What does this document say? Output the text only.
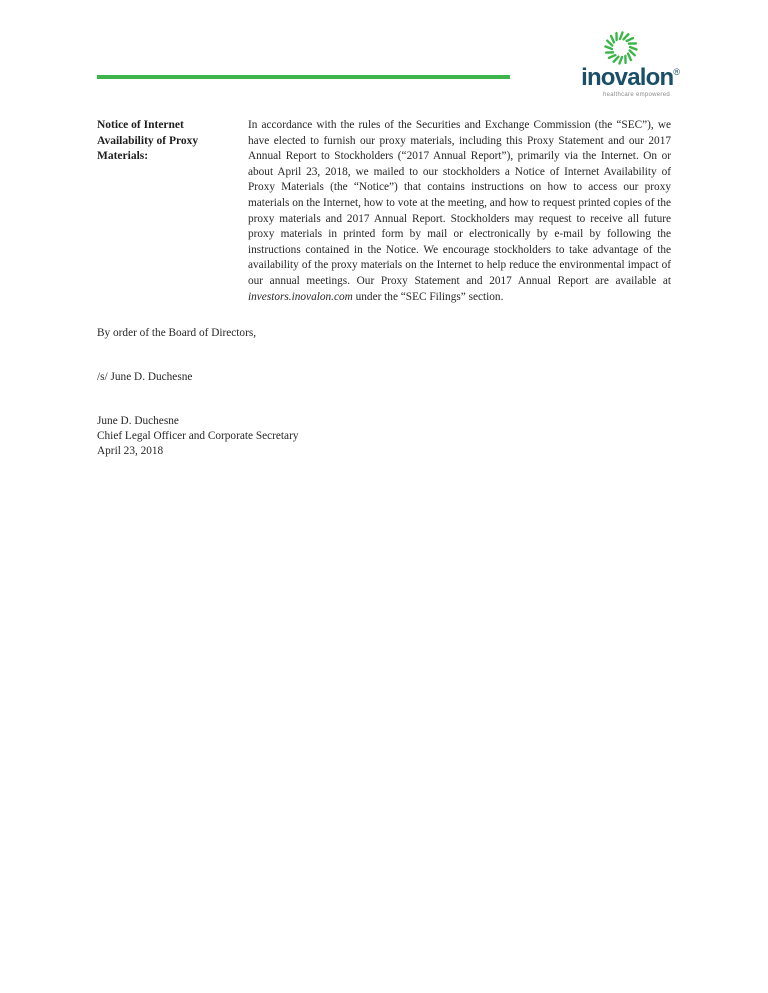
inovalon®
healthcare empowered
Notice of Internet
Availability of Proxy
Materials:
In accordance with the rules of the Securities and Exchange Commission (the “SEC”), we have elected to furnish our proxy materials, including this Proxy Statement and our 2017 Annual Report to Stockholders (“2017 Annual Report”), primarily via the Internet. On or about April 23, 2018, we mailed to our stockholders a Notice of Internet Availability of Proxy Materials (the “Notice”) that contains instructions on how to access our proxy materials on the Internet, how to vote at the meeting, and how to request printed copies of the proxy materials and 2017 Annual Report. Stockholders may request to receive all future proxy materials in printed form by mail or electronically by e-mail by following the instructions contained in the Notice. We encourage stockholders to take advantage of the availability of the proxy materials on the Internet to help reduce the environmental impact of our annual meetings. Our Proxy Statement and 2017 Annual Report are available at investors.inovalon.com under the “SEC Filings” section.
By order of the Board of Directors,
/s/ June D. Duchesne
June D. Duchesne
Chief Legal Officer and Corporate Secretary
April 23, 2018
